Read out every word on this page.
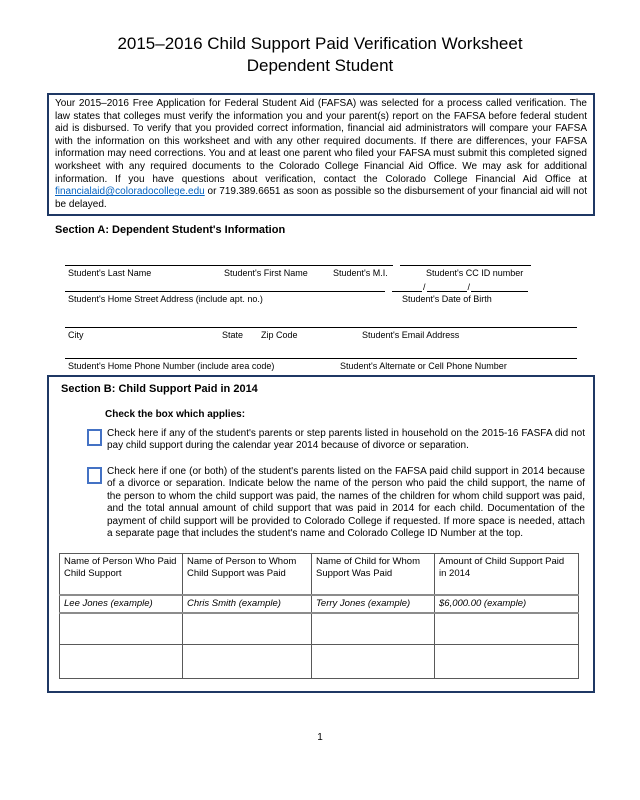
2015–2016 Child Support Paid Verification Worksheet
Dependent Student

Your 2015–2016 Free Application for Federal Student Aid (FAFSA) was selected for a process called verification. The law states that colleges must verify the information you and your parent(s) report on the FAFSA before federal student aid is disbursed. To verify that you provided correct information, financial aid administrators will compare your FAFSA with the information on this worksheet and with any other required documents. If there are differences, your FAFSA information may need corrections. You and at least one parent who filed your FAFSA must submit this completed signed worksheet with any required documents to the Colorado College Financial Aid Office. We may ask for additional information. If you have questions about verification, contact the Colorado College Financial Aid Office at financialaid@coloradocollege.edu or 719.389.6651 as soon as possible so the disbursement of your financial aid will not be delayed.

Section A: Dependent Student's Information
Student's Last Name	Student's First Name	Student's M.I.	Student's CC ID number
/	/
Student's Home Street Address (include apt. no.)	Student's Date of Birth
City	State Zip Code	Student's Email Address
Student's Home Phone Number (include area code)	Student's Alternate or Cell Phone Number
Section B: Child Support Paid in 2014
Check the box which applies:
Check here if any of the student's parents or step parents listed in household on the 2015-16 FASFA did not pay child support during the calendar year 2014 because of divorce or separation.
Check here if one (or both) of the student's parents listed on the FAFSA paid child support in 2014 because of a divorce or separation. Indicate below the name of the person who paid the child support, the name of the person to whom the child support was paid, the names of the children for whom child support was paid, and the total annual amount of child support that was paid in 2014 for each child. Documentation of the payment of child support will be provided to Colorado College if requested. If more space is needed, attach a separate page that includes the student's name and Colorado College ID Number at the top.
Name of Person Who Paid Child Support	Name of Person to Whom Child Support was Paid	Name of Child for Whom Support Was Paid	Amount of Child Support Paid in 2014
Lee Jones (example)	Chris Smith (example)	Terry Jones (example)	$6,000.00 (example)

1
